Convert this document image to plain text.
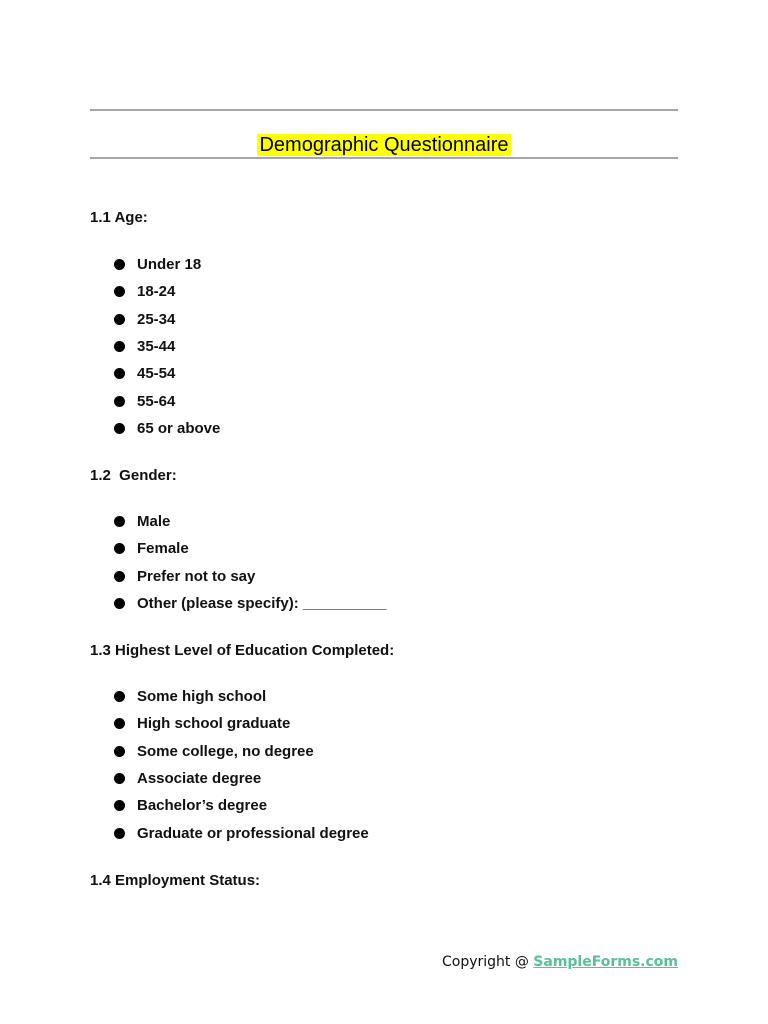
Demographic Questionnaire
1.1 Age:
Under 18
18-24
25-34
35-44
45-54
55-64
65 or above
1.2  Gender:
Male
Female
Prefer not to say
Other (please specify): __________
1.3 Highest Level of Education Completed:
Some high school
High school graduate
Some college, no degree
Associate degree
Bachelor’s degree
Graduate or professional degree
1.4 Employment Status:
Copyright @ SampleForms.com
